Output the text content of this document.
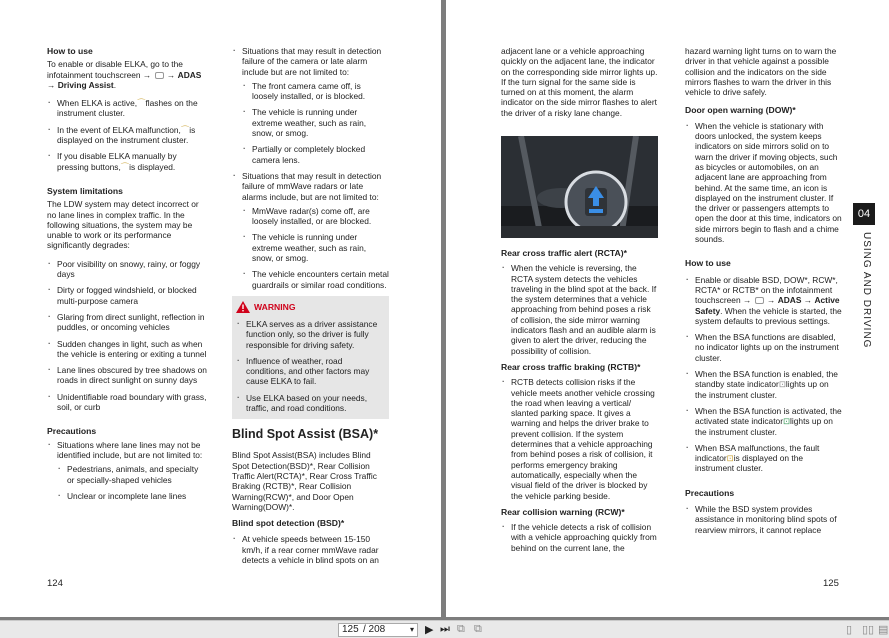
How to use
To enable or disable ELKA, go to the infotainment touchscreen →  → ADAS
→ Driving Assist.
· When ELKA is active,⌒flashes on the instrument cluster.
· In the event of ELKA malfunction,⌒is displayed on the instrument cluster.
· If you disable ELKA manually by pressing buttons,⌒is displayed.
System limitations
The LDW system may detect incorrect or no lane lines in complex traffic. In the following situations, the system may be unable to work or its performance significantly degrades:
· Poor visibility on snowy, rainy, or foggy days
· Dirty or fogged windshield, or blocked multi-purpose camera
· Glaring from direct sunlight, reflection in puddles, or oncoming vehicles
· Sudden changes in light, such as when the vehicle is entering or exiting a tunnel
· Lane lines obscured by tree shadows on roads in direct sunlight on sunny days
· Unidentifiable road boundary with grass, soil, or curb
Precautions
· Situations where lane lines may not be identified include, but are not limited to:
· Pedestrians, animals, and specialty or specially-shaped vehicles
· Unclear or incomplete lane lines
· Situations that may result in detection failure of the camera or late alarm include but are not limited to:
· The front camera came off, is loosely installed, or is blocked.
· The vehicle is running under extreme weather, such as rain, snow, or smog.
· Partially or completely blocked camera lens.
· Situations that may result in detection failure of mmWave radars or late alarms include, but are not limited to:
· MmWave radar(s) come off, are loosely installed, or are blocked.
· The vehicle is running under extreme weather, such as rain, snow, or smog.
· The vehicle encounters certain metal guardrails or similar road conditions.
WARNING
· ELKA serves as a driver assistance function only, so the driver is fully responsible for driving safety.
· Influence of weather, road conditions, and other factors may cause ELKA to fail.
· Use ELKA based on your needs, traffic, and road conditions.
Blind Spot Assist (BSA)*
Blind Spot Assist(BSA) includes Blind Spot Detection(BSD)*, Rear Collision Traffic Alert(RCTA)*, Rear Cross Traffic Braking (RCTB)*, Rear Collision Warning(RCW)*, and Door Open Warning(DOW)*.
Blind spot detection (BSD)*
· At vehicle speeds between 15-150 km/h, if a rear corner mmWave radar detects a vehicle in blind spots on an
124
adjacent lane or a vehicle approaching quickly on the adjacent lane, the indicator on the corresponding side mirror lights up. If the turn signal for the same side is turned on at this moment, the alarm indicator on the side mirror flashes to alert the driver of a risky lane change.
Rear cross traffic alert (RCTA)*
· When the vehicle is reversing, the RCTA system detects the vehicles traveling in the blind spot at the back. If the system determines that a vehicle approaching from behind poses a risk of collision, the side mirror warning indicators flash and an audible alarm is given to alert the driver, reducing the possibility of collision.
Rear cross traffic braking (RCTB)*
· RCTB detects collision risks if the vehicle meets another vehicle crossing the road when leaving a vertical/ slanted parking space. It gives a warning and helps the driver brake to prevent collision. If the system determines that a vehicle approaching from behind poses a risk of collision, it performs emergency braking automatically, especially when the visual field of the driver is blocked by the vehicle parking beside.
Rear collision warning (RCW)*
· If the vehicle detects a risk of collision with a vehicle approaching quickly from behind on the current lane, the
hazard warning light turns on to warn the driver in that vehicle against a possible collision and the indicators on the side mirrors flashes to warn the driver in this vehicle to drive safely.
Door open warning (DOW)*
· When the vehicle is stationary with doors unlocked, the system keeps indicators on side mirrors solid on to warn the driver if moving objects, such as bicycles or automobiles, on an adjacent lane are approaching from behind. At the same time, an icon is displayed on the instrument cluster. If the driver or passengers attempts to open the door at this time, indicators on side mirrors begin to flash and a chime sounds.
How to use
· Enable or disable BSD, DOW*, RCW*, RCTA* or RCTB* on the infotainment touchscreen →  → ADAS → Active Safety. When the vehicle is started, the system defaults to previous settings.
· When the BSA functions are disabled, no indicator lights up on the instrument cluster.
· When the BSA function is enabled, the standby state indicator⊡lights up on the instrument cluster.
· When the BSA function is activated, the activated state indicator⊡lights up on the instrument cluster.
· When BSA malfunctions, the fault indicator⊡is displayed on the instrument cluster.
Precautions
· While the BSD system provides assistance in monitoring blind spots of rearview mirrors, it cannot replace
125
04
USING AND DRIVING
125 / 208	▾ ▶ ⏭ ⧉ ⧉	▯ ▯▯ ▤
